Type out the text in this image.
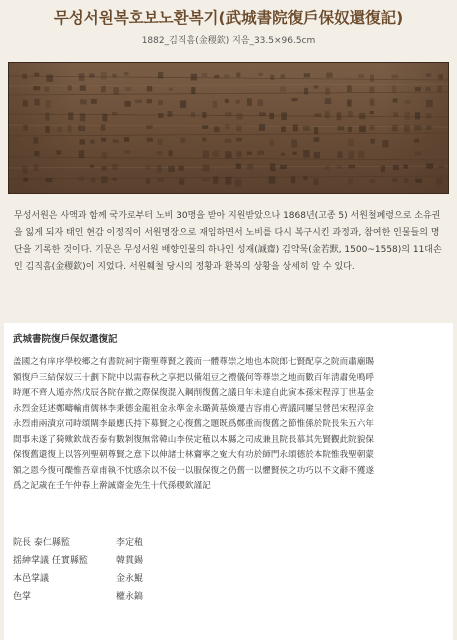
무성서원복호보노환복기(武城書院復戶保奴還復記)
1882_김직흠(金稷欽) 지음_33.5×96.5cm
무성서원은 사액과 함께 국가로부터 노비 30명을 받아 지원받았으나 1868년(고종 5) 서원철폐령으로 소유권
을 잃게 되자 태인 현감 이정직이 서원명장으로 재임하면서 노비를 다시 복구시킨 과정과, 참여한 인물들의 명
단을 기록한 것이다. 기문은 무성서원 배향인물의 하나인 성재(誠齋) 김약묵(金若默, 1500~1558)의 11대손
인 김직흠(金稷欽)이 지었다. 서원훼철 당시의 정황과 환복의 상황을 상세히 알 수 있다.
武城書院復戶保奴還復記
盖國之有庠序學校郷之有書院祠宇衛聖尊賢之義而一體尊崇之地也本院郎七賢配享之院而肅廟賜
額復戶三結保奴三十劃下院中以需春秋之享把以備俎豆之禮儀何等尊崇之地而數百年淸肅免鳴呼
時運不齊人遁亦然戊辰各院存撤之際保復混入鋼削復舊之議日年未達自此寅本孫宋程淳丁世基金
永烈金廷述鄭疇輸甫儒林李秉德金龍祖金永準金永璐黃基煥遷吉容甫心齊議同屢呈營邑宋程淳金
永烈甫兩漬京司時頌閘李最應氏持下募賢之心復舊之題既爲鄭重而復舊之節惟係於院長朱五六年
間事未遂了猗歟欽哉否泰有數剝復無常韓山李侯定稙以本縣之司成兼且院長慕其先賢觀此院貌保
保復舊還復上以答列聖朝尊賢之意下以伸諸士林齎寧之寃大有功於師門永頌德於本院惟我聖朝蒙
額之恩今復可醍惟吾章甫執不忱感余以不佞一以服保復之仍舊一以懼賢侯之功巧以不文辭不獲遂
爲之記歳在壬午仲春上澣誠齋金先生十代孫稷欽謹記
院長 泰仁縣監	李定稙
揺紳掌議 任實縣監	韓貫錫
本邑掌議	金永鯤
色掌	權永鎬
